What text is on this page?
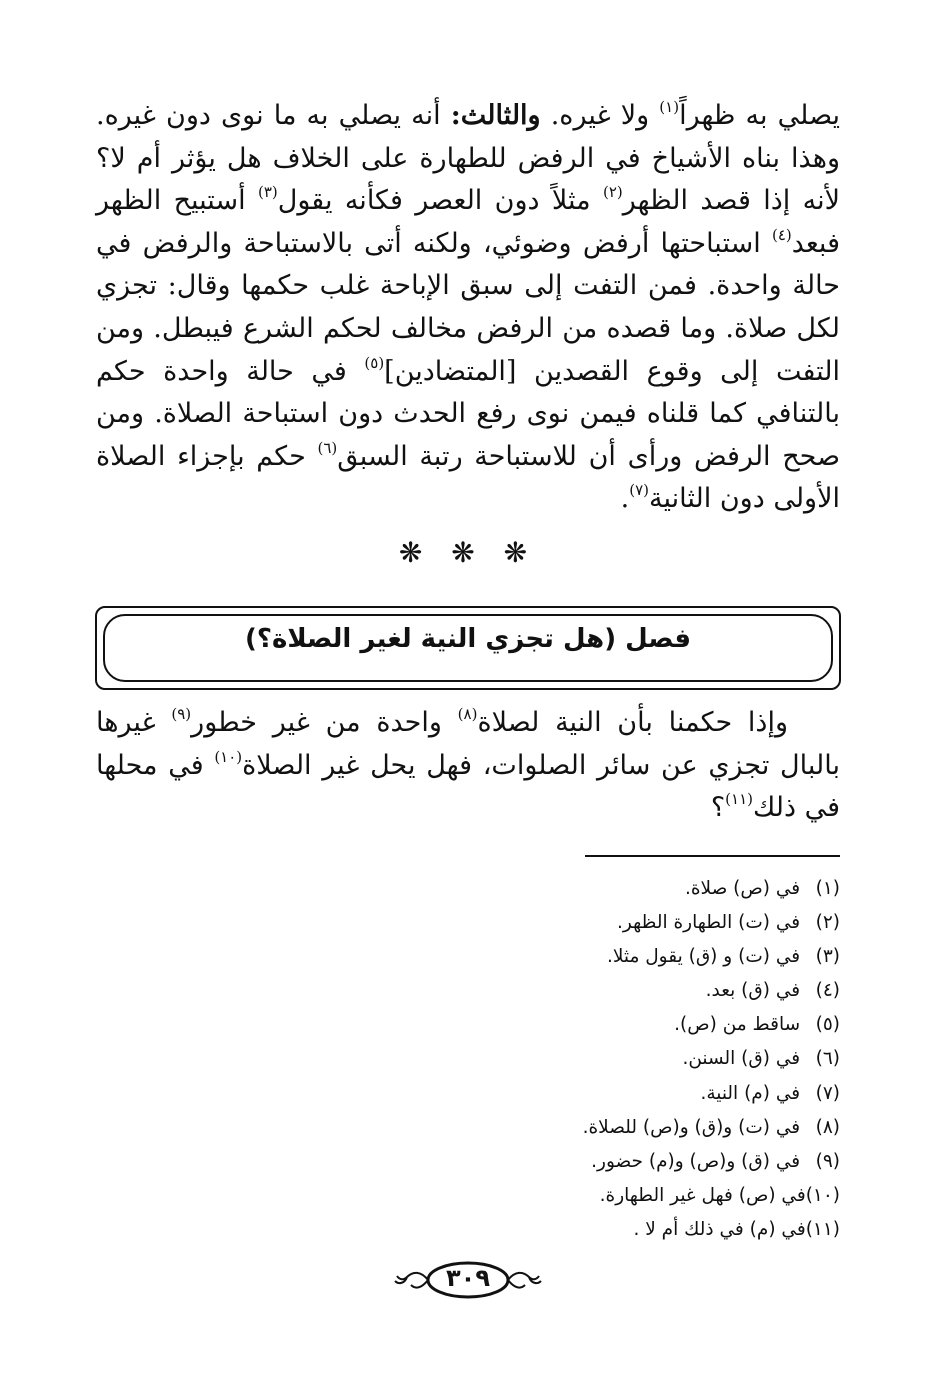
يصلي به ظهراً$^{(١)}$ ولا غيره. والثالث: أنه يصلي به ما نوى دون غيره. وهذا بناه الأشياخ في الرفض للطهارة على الخلاف هل يؤثر أم لا؟ لأنه إذا قصد الظهر$^{(٢)}$ مثلاً دون العصر فكأنه يقول$^{(٣)}$ أستبيح الظهر فبعد$^{(٤)}$ استباحتها أرفض وضوئي، ولكنه أتى بالاستباحة والرفض في حالة واحدة. فمن التفت إلى سبق الإباحة غلب حكمها وقال: تجزي لكل صلاة. وما قصده من الرفض مخالف لحكم الشرع فيبطل. ومن التفت إلى وقوع القصدين [المتضادين]$^{(٥)}$ في حالة واحدة حكم بالتنافي كما قلناه فيمن نوى رفع الحدث دون استباحة الصلاة. ومن صحح الرفض ورأى أن للاستباحة رتبة السبق$^{(٦)}$ حكم بإجزاء الصلاة الأولى دون الثانية$^{(٧)}$.

❋ ❋ ❋
فصل (هل تجزي النية لغير الصلاة؟)

وإذا حكمنا بأن النية لصلاة$^{(٨)}$ واحدة من غير خطور$^{(٩)}$ غيرها بالبال تجزي عن سائر الصلوات، فهل يحل غير الصلاة$^{(١٠)}$ في محلها في ذلك$^{(١١)}$؟

(١) في (ص) صلاة.
(٢) في (ت) الطهارة الظهر.
(٣) في (ت) و (ق) يقول مثلا.
(٤) في (ق) بعد.
(٥) ساقط من (ص).
(٦) في (ق) السنن.
(٧) في (م) النية.
(٨) في (ت) و(ق) و(ص) للصلاة.
(٩) في (ق) و(ص) و(م) حضور.
(١٠)في (ص) فهل غير الطهارة.
(١١)في (م) في ذلك أم لا .
٣٠٩
